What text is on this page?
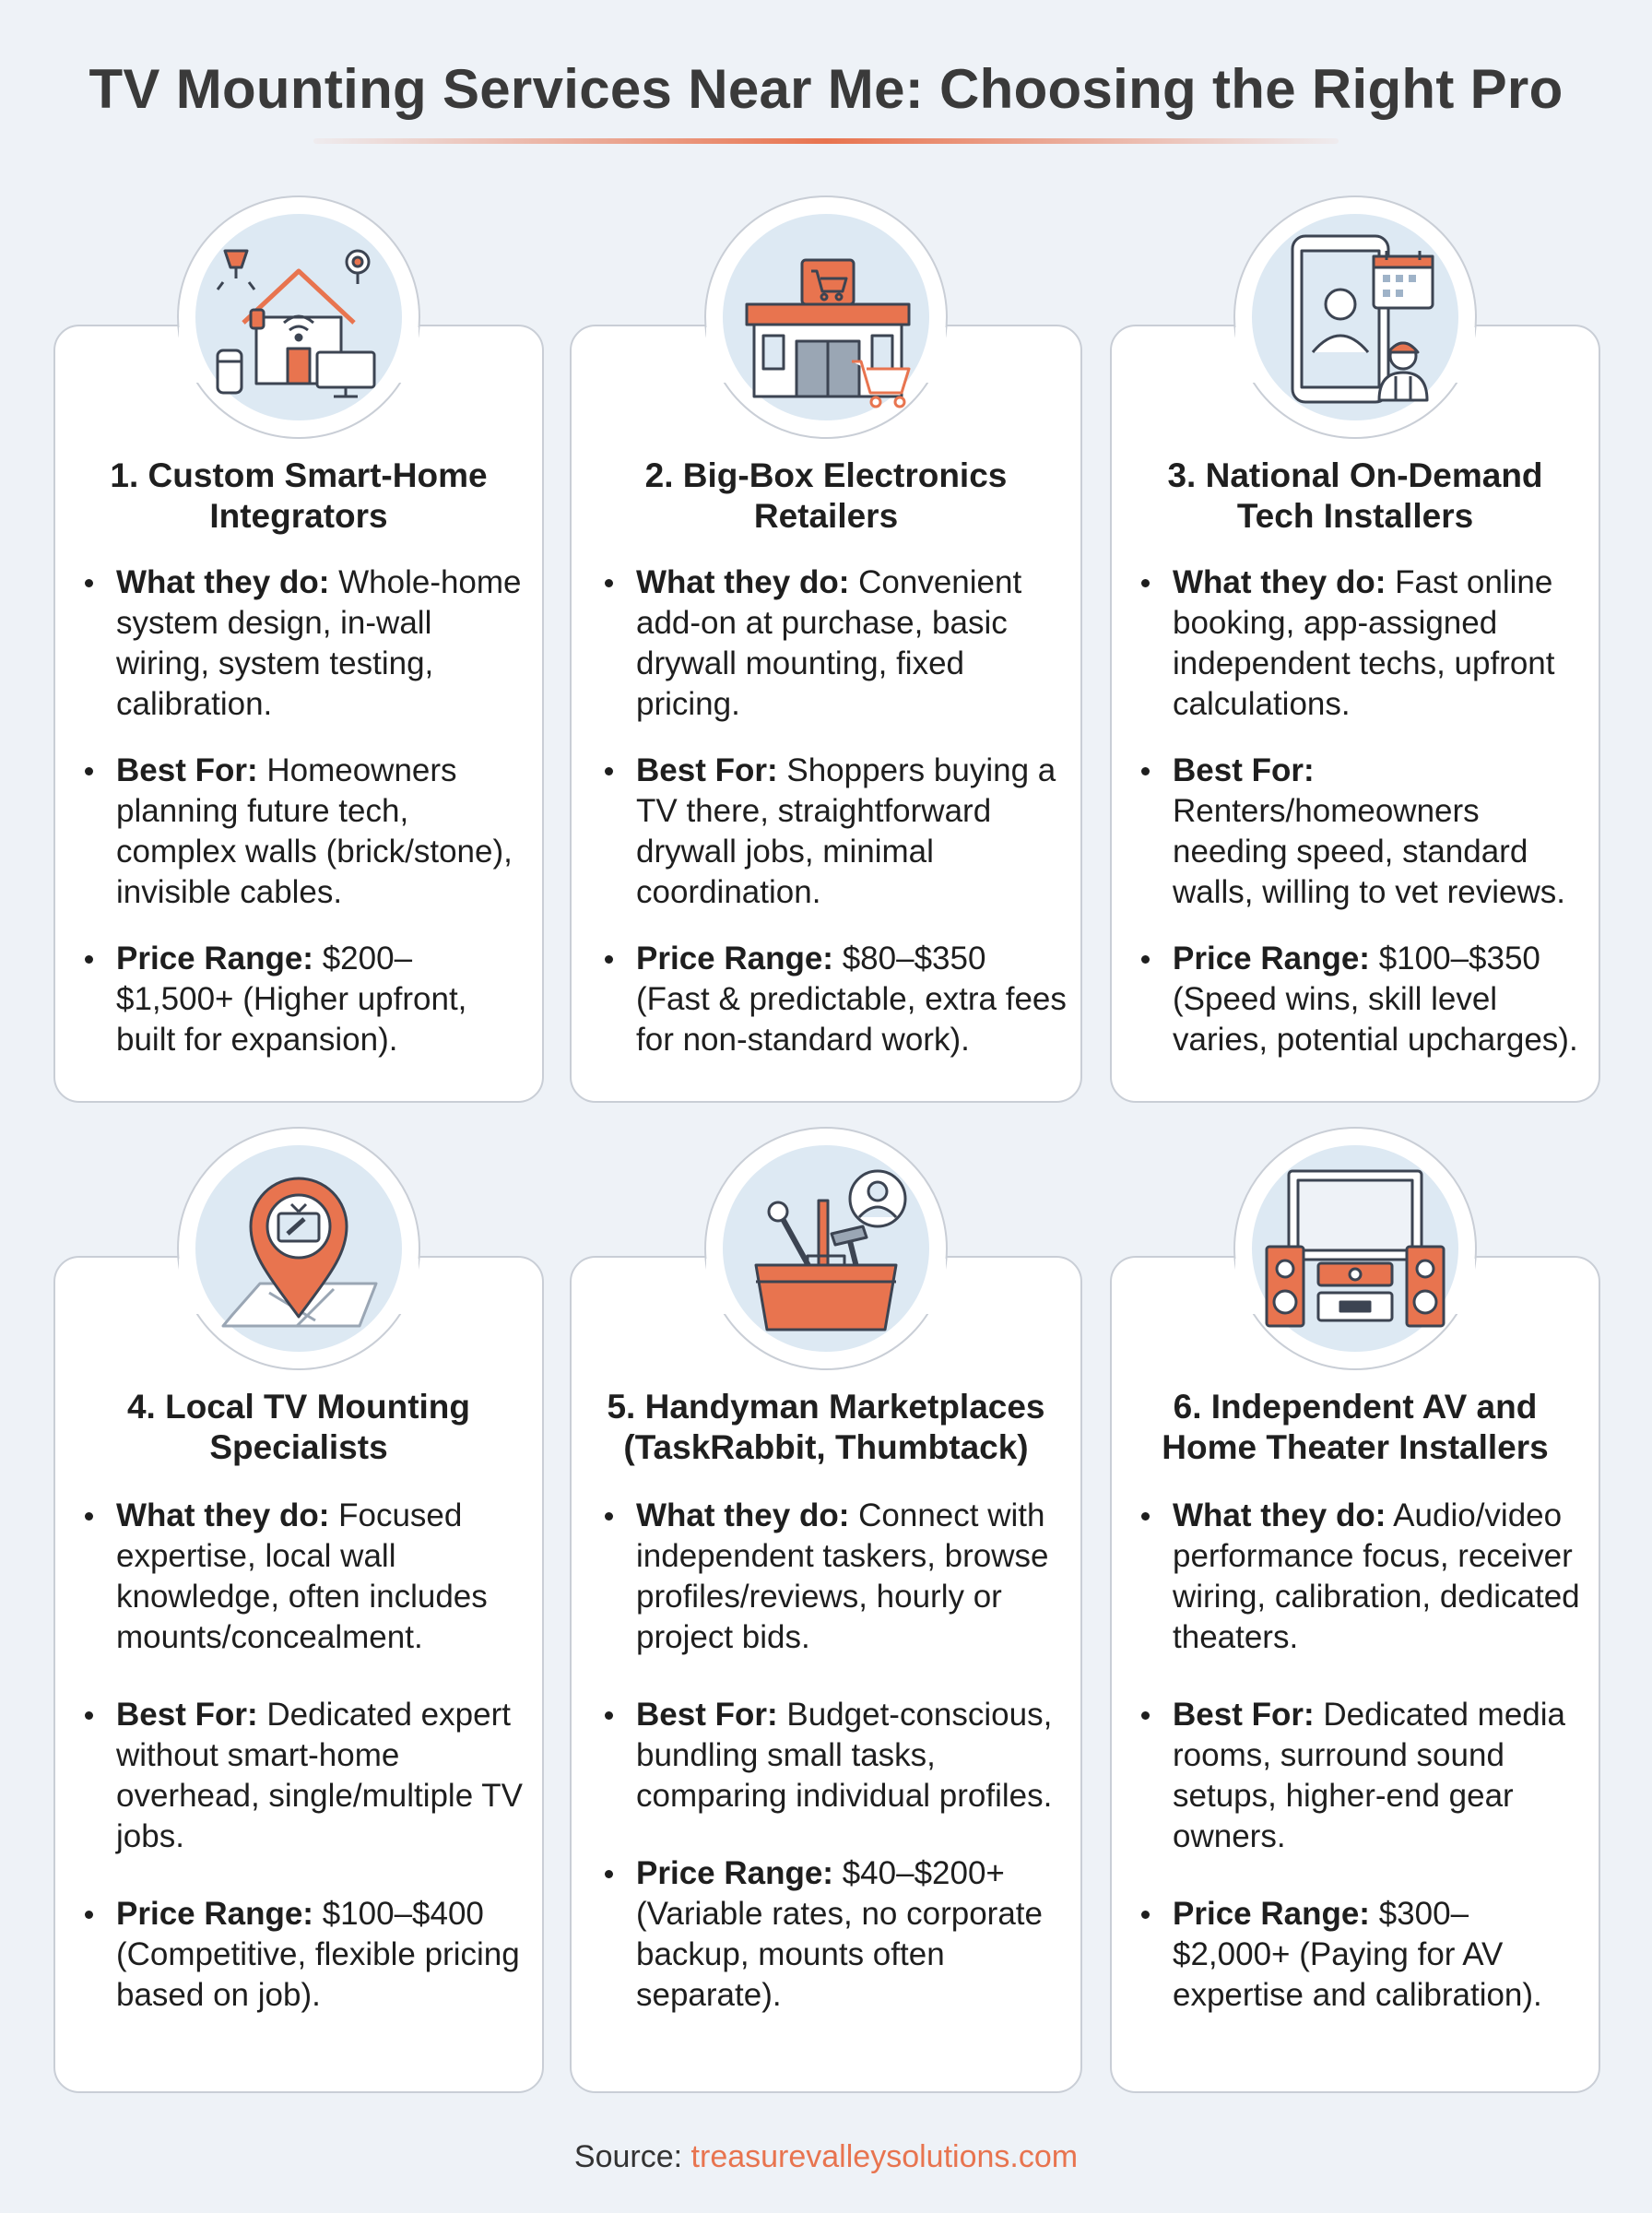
TV Mounting Services Near Me: Choosing the Right Pro
1. Custom Smart-Home
Integrators
What they do: Whole-home system design, in-wall wiring, system testing, calibration.
Best For: Homeowners planning future tech, complex walls (brick/stone), invisible cables.
Price Range: $200–$1,500+ (Higher upfront, built for expansion).
2. Big-Box Electronics
Retailers
What they do: Convenient add-on at purchase, basic drywall mounting, fixed pricing.
Best For: Shoppers buying a TV there, straightforward drywall jobs, minimal coordination.
Price Range: $80–$350 (Fast & predictable, extra fees for non-standard work).
3. National On-Demand
Tech Installers
What they do: Fast online booking, app-assigned independent techs, upfront calculations.
Best For: Renters/homeowners needing speed, standard walls, willing to vet reviews.
Price Range: $100–$350 (Speed wins, skill level varies, potential upcharges).
4. Local TV Mounting
Specialists
What they do: Focused expertise, local wall knowledge, often includes mounts/concealment.
Best For: Dedicated expert without smart-home overhead, single/multiple TV jobs.
Price Range: $100–$400 (Competitive, flexible pricing based on job).
5. Handyman Marketplaces
(TaskRabbit, Thumbtack)
What they do: Connect with independent taskers, browse profiles/reviews, hourly or project bids.
Best For: Budget-conscious, bundling small tasks, comparing individual profiles.
Price Range: $40–$200+ (Variable rates, no corporate backup, mounts often separate).
6. Independent AV and
Home Theater Installers
What they do: Audio/video performance focus, receiver wiring, calibration, dedicated theaters.
Best For: Dedicated media rooms, surround sound setups, higher-end gear owners.
Price Range: $300–$2,000+ (Paying for AV expertise and calibration).
Source: treasurevalleysolutions.com
